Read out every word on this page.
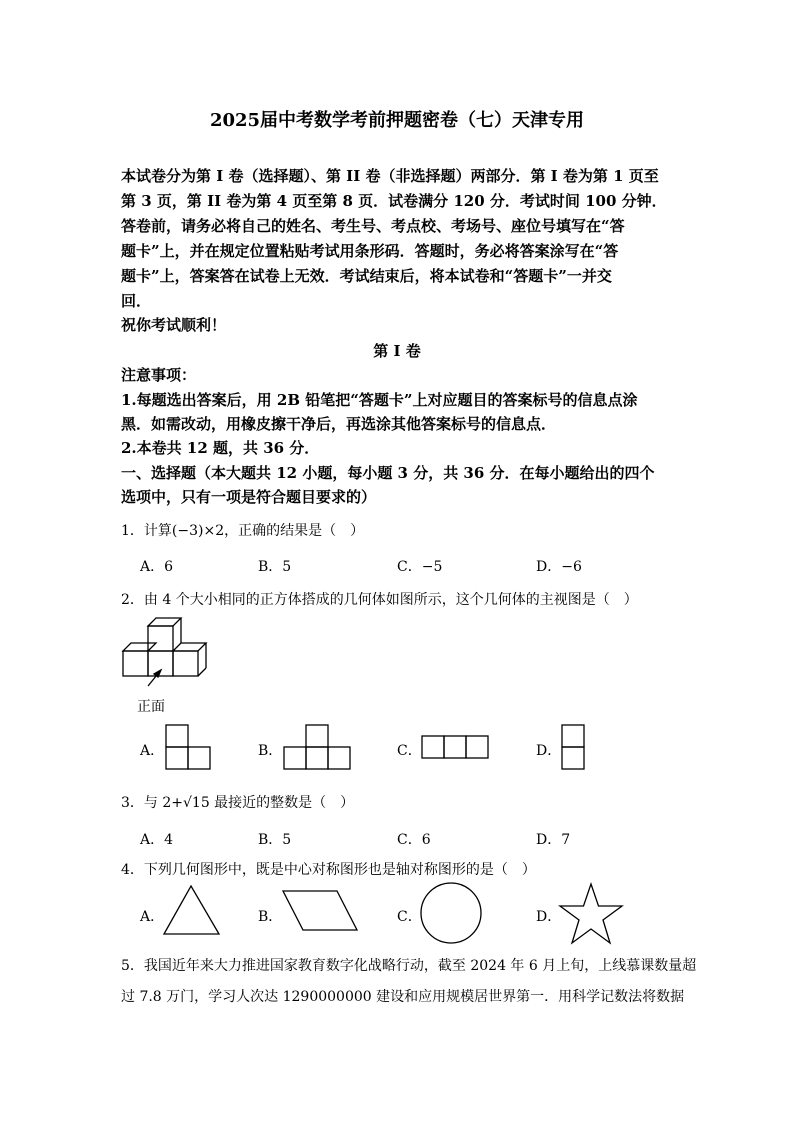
2025届中考数学考前押题密卷（七）天津专用
本试卷分为第 I 卷（选择题）、第 II 卷（非选择题）两部分．第 I 卷为第 1 页至
第 3 页，第 II 卷为第 4 页至第 8 页．试卷满分 120 分．考试时间 100 分钟．
答卷前，请务必将自己的姓名、考生号、考点校、考场号、座位号填写在“答
题卡”上，并在规定位置粘贴考试用条形码．答题时，务必将答案涂写在“答
题卡”上，答案答在试卷上无效．考试结束后，将本试卷和“答题卡”一并交
回．
祝你考试顺利！
第 I 卷
注意事项：
1.每题选出答案后，用 2B 铅笔把“答题卡”上对应题目的答案标号的信息点涂
黑．如需改动，用橡皮擦干净后，再选涂其他答案标号的信息点．
2.本卷共 12 题，共 36 分．
一、选择题（本大题共 12 小题，每小题 3 分，共 36 分．在每小题给出的四个
选项中，只有一项是符合题目要求的）
1．计算(−3)×2，正确的结果是（　）
A．6	B．5	C．−5	D．−6
2．由 4 个大小相同的正方体搭成的几何体如图所示，这个几何体的主视图是（　）
正面
A．	B．	C．	D．
3．与 2+√15 最接近的整数是（　）
A．4	B．5	C．6	D．7
4．下列几何图形中，既是中心对称图形也是轴对称图形的是（　）
A．	B．	C．	D．
5．我国近年来大力推进国家教育数字化战略行动，截至 2024 年 6 月上旬，上线慕课数量超
过 7.8 万门，学习人次达 1290000000 建设和应用规模居世界第一．用科学记数法将数据
